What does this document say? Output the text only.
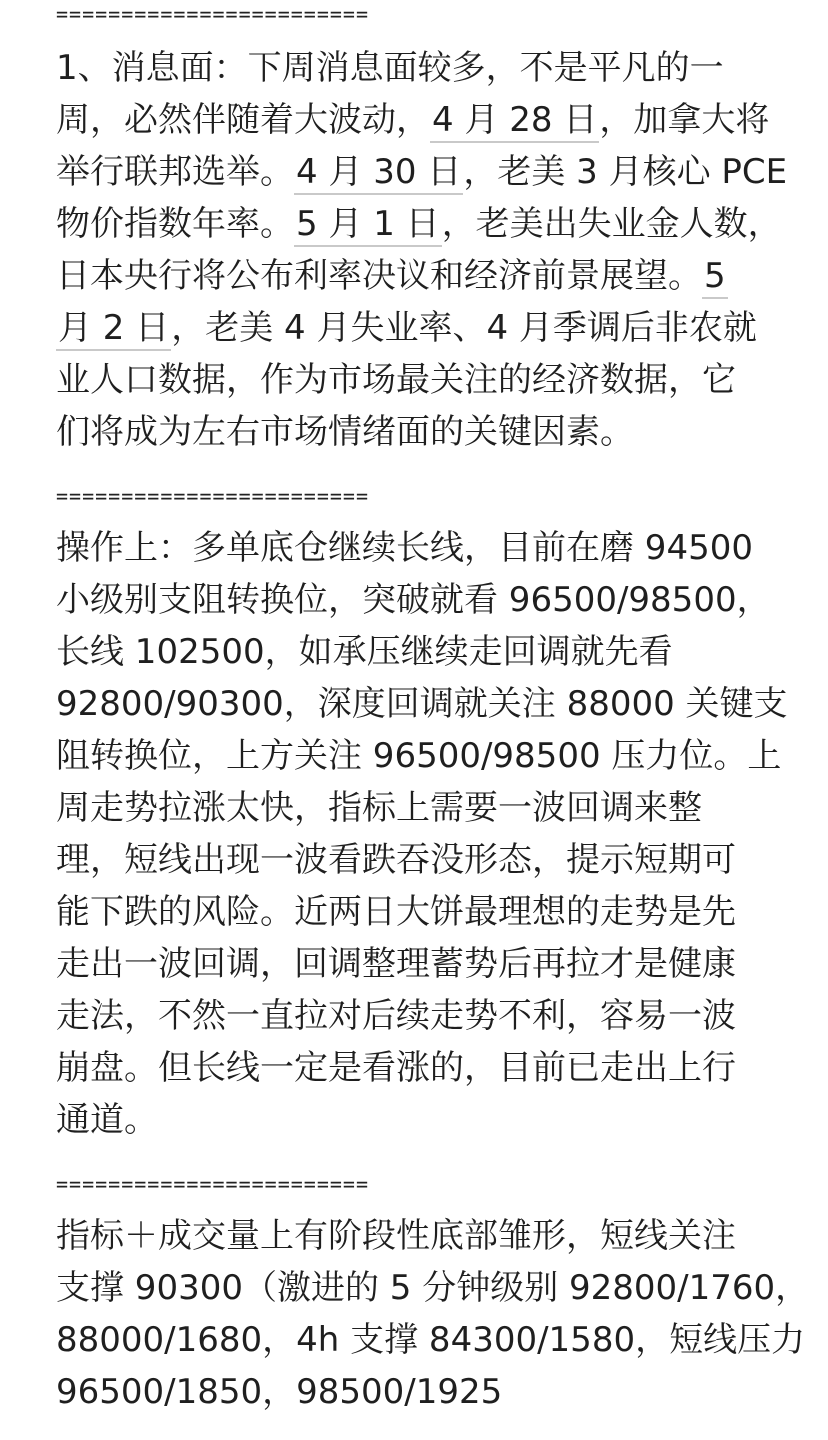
========================
1、消息面：下周消息面较多，不是平凡的一
周，必然伴随着大波动，4 月 28 日，加拿大将
举行联邦选举。4 月 30 日，老美 3 月核心 PCE
物价指数年率。5 月 1 日，老美出失业金人数，
日本央行将公布利率决议和经济前景展望。5
月 2 日，老美 4 月失业率、4 月季调后非农就
业人口数据，作为市场最关注的经济数据，它
们将成为左右市场情绪面的关键因素。
========================
操作上：多单底仓继续长线，目前在磨 94500
小级别支阻转换位，突破就看 96500/98500，
长线 102500，如承压继续走回调就先看
92800/90300，深度回调就关注 88000 关键支
阻转换位，上方关注 96500/98500 压力位。上
周走势拉涨太快，指标上需要一波回调来整
理，短线出现一波看跌吞没形态，提示短期可
能下跌的风险。近两日大饼最理想的走势是先
走出一波回调，回调整理蓄势后再拉才是健康
走法，不然一直拉对后续走势不利，容易一波
崩盘。但长线一定是看涨的，目前已走出上行
通道。
========================
指标＋成交量上有阶段性底部雏形，短线关注
支撑 90300（激进的 5 分钟级别 92800/1760，
88000/1680，4h 支撑 84300/1580，短线压力
96500/1850，98500/1925
